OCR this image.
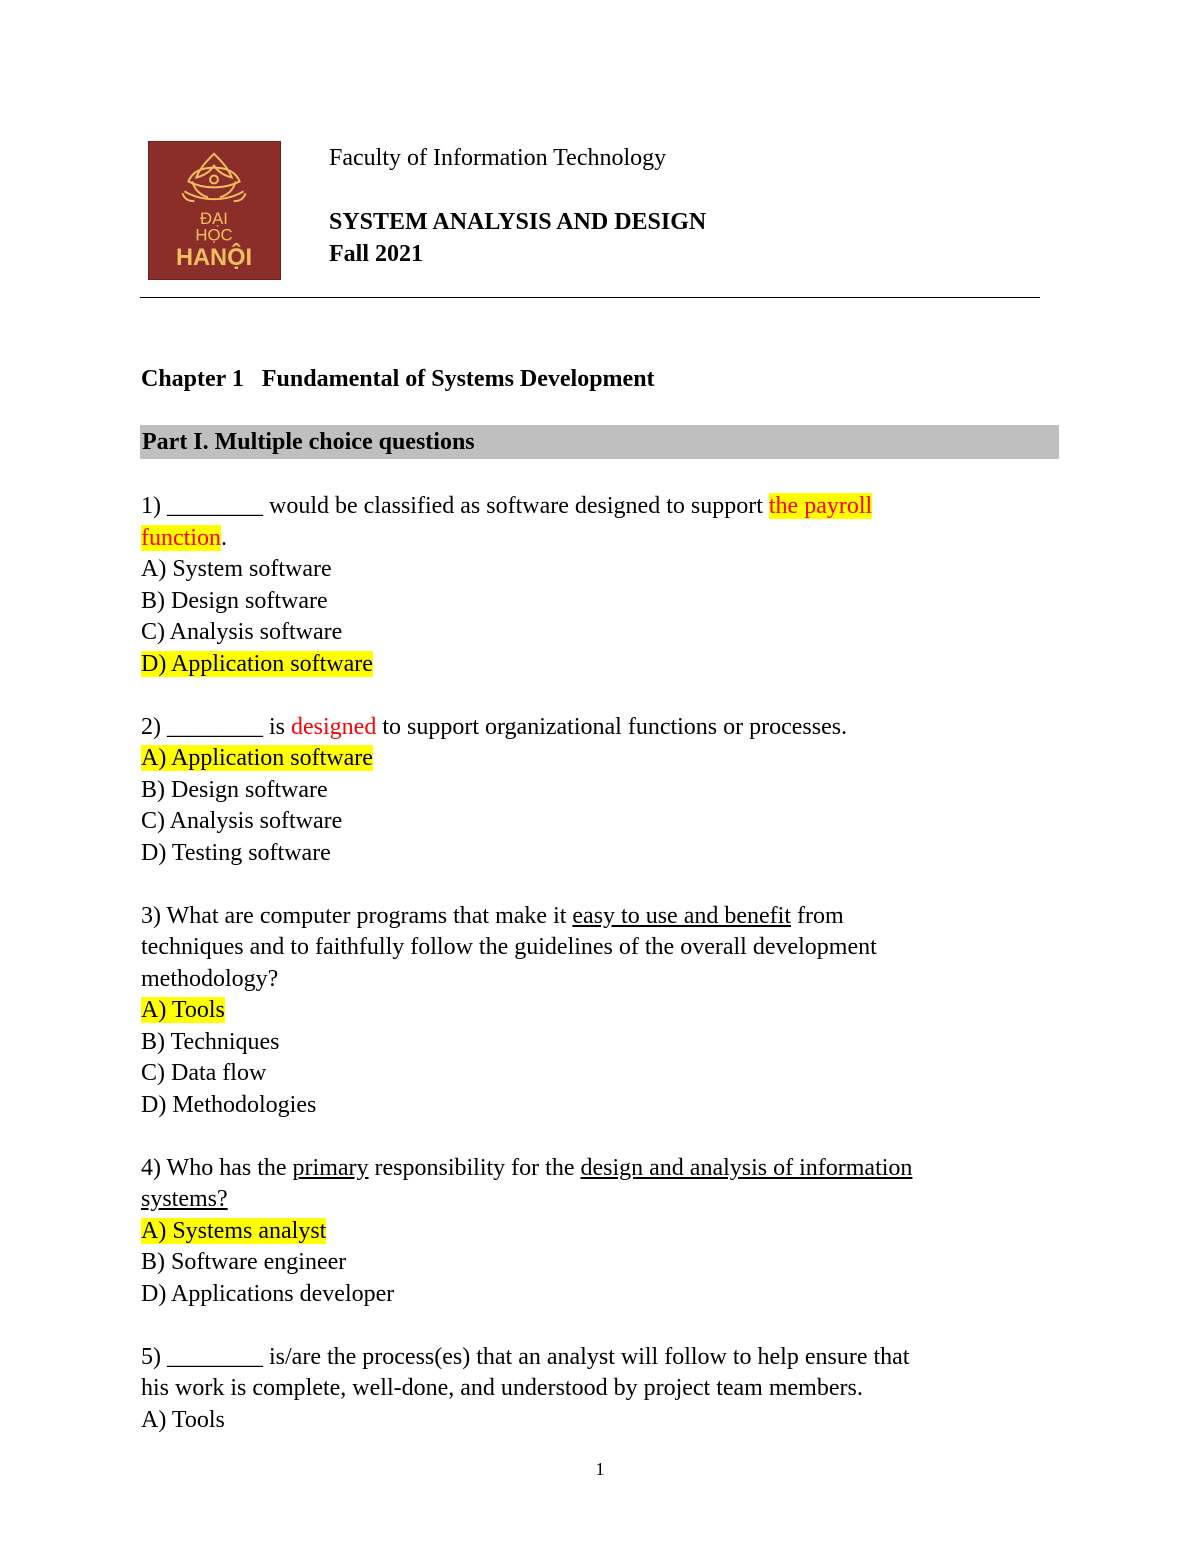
ĐẠI
HỌC
HANỘI
Faculty of Information Technology
SYSTEM ANALYSIS AND DESIGN
Fall 2021
Chapter 1 Fundamental of Systems Development
Part I. Multiple choice questions

1) ________ would be classified as software designed to support the payroll

function.

A) System software

B) Design software

C) Analysis software

D) Application software

2) ________ is designed to support organizational functions or processes.

A) Application software

B) Design software

C) Analysis software

D) Testing software

3) What are computer programs that make it easy to use and benefit from

techniques and to faithfully follow the guidelines of the overall development

methodology?

A) Tools

B) Techniques

C) Data flow

D) Methodologies

4) Who has the primary responsibility for the design and analysis of information

systems?

A) Systems analyst

B) Software engineer

D) Applications developer

5) ________ is/are the process(es) that an analyst will follow to help ensure that

his work is complete, well-done, and understood by project team members.

A) Tools

1
